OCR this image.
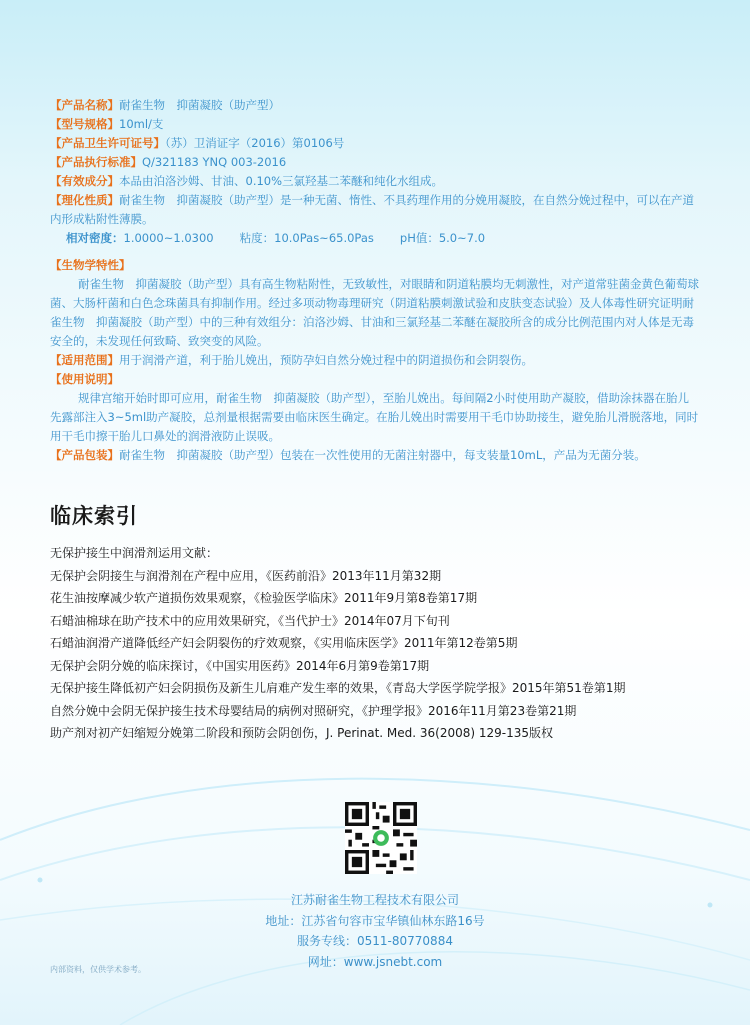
【产品名称】耐雀生物　抑菌凝胶（助产型）

【型号规格】10ml/支

【产品卫生许可证号】（苏）卫消证字（2016）第0106号

【产品执行标准】Q/321183 YNQ 003-2016

【有效成分】本品由泊洛沙姆、甘油、0.10%三氯羟基二苯醚和纯化水组成。

【理化性质】耐雀生物　抑菌凝胶（助产型）是一种无菌、惰性、不具药理作用的分娩用凝胶，在自然分娩过程中，可以在产道内形成粘附性薄膜。

相对密度：1.0000~1.0300 粘度：10.0Pas~65.0Pas pH值：5.0~7.0

【生物学特性】

耐雀生物　抑菌凝胶（助产型）具有高生物粘附性，无致敏性，对眼睛和阴道粘膜均无刺激性，对产道常驻菌金黄色葡萄球菌、大肠杆菌和白色念珠菌具有抑制作用。经过多项动物毒理研究（阴道粘膜刺激试验和皮肤变态试验）及人体毒性研究证明耐雀生物　抑菌凝胶（助产型）中的三种有效组分：泊洛沙姆、甘油和三氯羟基二苯醚在凝胶所含的成分比例范围内对人体是无毒安全的，未发现任何致畸、致突变的风险。

【适用范围】用于润滑产道，利于胎儿娩出，预防孕妇自然分娩过程中的阴道损伤和会阴裂伤。

【使用说明】

规律宫缩开始时即可应用，耐雀生物　抑菌凝胶（助产型），至胎儿娩出。每间隔2小时使用助产凝胶，借助涂抹器在胎儿先露部注入3~5ml助产凝胶，总剂量根据需要由临床医生确定。在胎儿娩出时需要用干毛巾协助接生，避免胎儿滑脱落地，同时用干毛巾擦干胎儿口鼻处的润滑液防止误吸。

【产品包装】耐雀生物　抑菌凝胶（助产型）包装在一次性使用的无菌注射器中，每支装量10mL，产品为无菌分装。

临床索引
无保护接生中润滑剂运用文献：
无保护会阴接生与润滑剂在产程中应用，《医药前沿》2013年11月第32期
花生油按摩减少软产道损伤效果观察，《检验医学临床》2011年9月第8卷第17期
石蜡油棉球在助产技术中的应用效果研究，《当代护士》2014年07月下旬刊
石蜡油润滑产道降低经产妇会阴裂伤的疗效观察，《实用临床医学》2011年第12卷第5期
无保护会阴分娩的临床探讨，《中国实用医药》2014年6月第9卷第17期
无保护接生降低初产妇会阴损伤及新生儿肩难产发生率的效果，《青岛大学医学院学报》2015年第51卷第1期
自然分娩中会阴无保护接生技术母婴结局的病例对照研究，《护理学报》2016年11月第23卷第21期
助产剂对初产妇缩短分娩第二阶段和预防会阴创伤，J. Perinat. Med. 36(2008) 129-135版权
江苏耐雀生物工程技术有限公司
地址：江苏省句容市宝华镇仙林东路16号
服务专线：0511-80770884
网址：www.jsnebt.com
内部资料，仅供学术参考。
